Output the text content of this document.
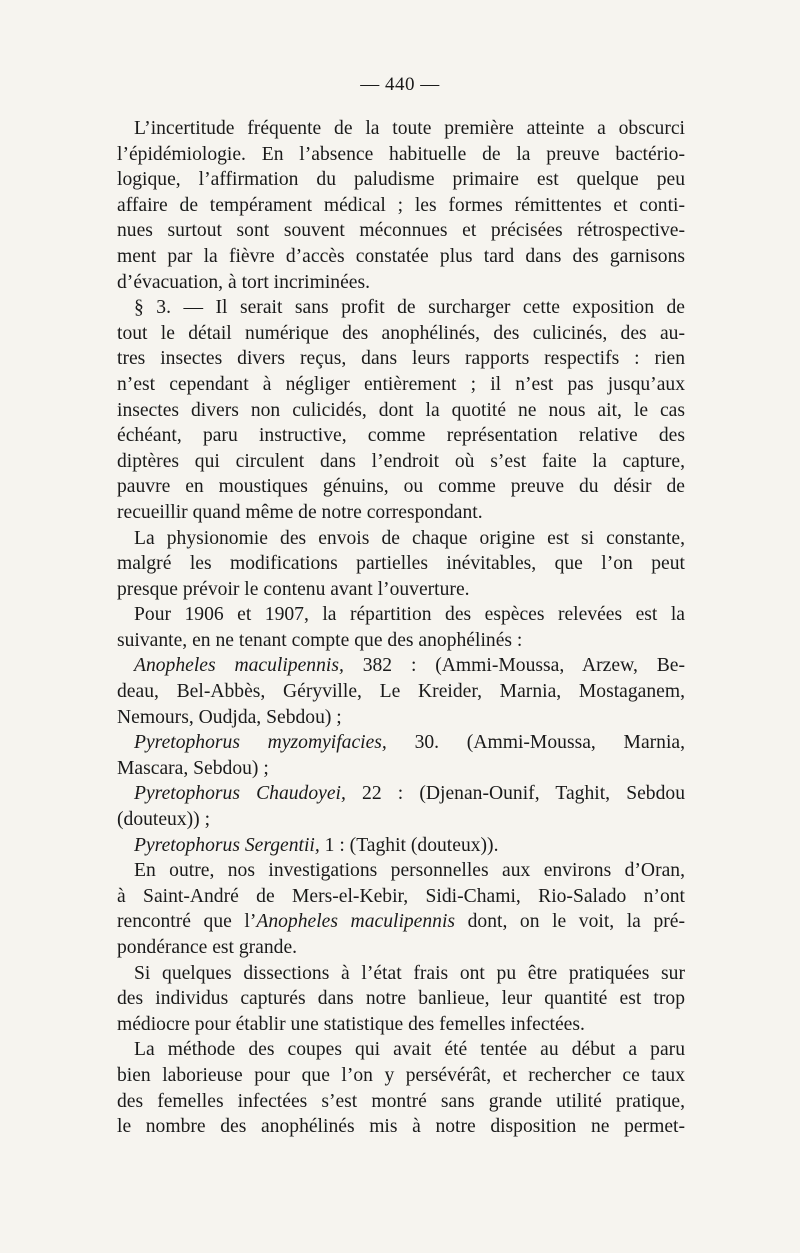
— 440 —
L’incertitude fréquente de la toute première atteinte a obscurci
l’épidémiologie. En l’absence habituelle de la preuve bactério-
logique, l’affirmation du paludisme primaire est quelque peu
affaire de tempérament médical ; les formes rémittentes et conti-
nues surtout sont souvent méconnues et précisées rétrospective-
ment par la fièvre d’accès constatée plus tard dans des garnisons
d’évacuation, à tort incriminées.
§ 3. — Il serait sans profit de surcharger cette exposition de
tout le détail numérique des anophélinés, des culicinés, des au-
tres insectes divers reçus, dans leurs rapports respectifs : rien
n’est cependant à négliger entièrement ; il n’est pas jusqu’aux
insectes divers non culicidés, dont la quotité ne nous ait, le cas
échéant, paru instructive, comme représentation relative des
diptères qui circulent dans l’endroit où s’est faite la capture,
pauvre en moustiques génuins, ou comme preuve du désir de
recueillir quand même de notre correspondant.
La physionomie des envois de chaque origine est si constante,
malgré les modifications partielles inévitables, que l’on peut
presque prévoir le contenu avant l’ouverture.
Pour 1906 et 1907, la répartition des espèces relevées est la
suivante, en ne tenant compte que des anophélinés :
Anopheles maculipennis, 382 : (Ammi-Moussa, Arzew, Be-
deau, Bel-Abbès, Géryville, Le Kreider, Marnia, Mostaganem,
Nemours, Oudjda, Sebdou) ;
Pyretophorus myzomyifacies, 30. (Ammi-Moussa, Marnia,
Mascara, Sebdou) ;
Pyretophorus Chaudoyei, 22 : (Djenan-Ounif, Taghit, Sebdou
(douteux)) ;
Pyretophorus Sergentii, 1 : (Taghit (douteux)).
En outre, nos investigations personnelles aux environs d’Oran,
à Saint-André de Mers-el-Kebir, Sidi-Chami, Rio-Salado n’ont
rencontré que l’Anopheles maculipennis dont, on le voit, la pré-
pondérance est grande.
Si quelques dissections à l’état frais ont pu être pratiquées sur
des individus capturés dans notre banlieue, leur quantité est trop
médiocre pour établir une statistique des femelles infectées.
La méthode des coupes qui avait été tentée au début a paru
bien laborieuse pour que l’on y persévérât, et rechercher ce taux
des femelles infectées s’est montré sans grande utilité pratique,
le nombre des anophélinés mis à notre disposition ne permet-
